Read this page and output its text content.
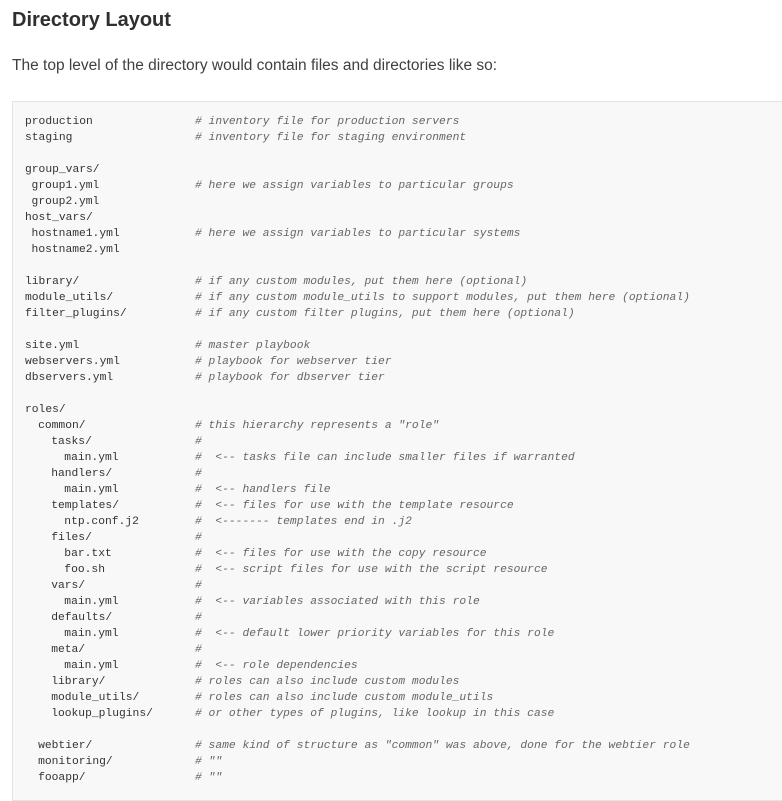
Directory Layout

The top level of the directory would contain files and directories like so:

production	# inventory file for production servers
staging	# inventory file for staging environment
group_vars/
group1.yml	# here we assign variables to particular groups
group2.yml
host_vars/
hostname1.yml	# here we assign variables to particular systems
hostname2.yml
library/	# if any custom modules, put them here (optional)
module_utils/	# if any custom module_utils to support modules, put them here (optional)
filter_plugins/	# if any custom filter plugins, put them here (optional)
site.yml	# master playbook
webservers.yml	# playbook for webserver tier
dbservers.yml	# playbook for dbserver tier
roles/
common/	# this hierarchy represents a "role"
tasks/	#
main.yml	#  <-- tasks file can include smaller files if warranted
handlers/	#
main.yml	#  <-- handlers file
templates/	#  <-- files for use with the template resource
ntp.conf.j2	#  <------- templates end in .j2
files/	#
bar.txt	#  <-- files for use with the copy resource
foo.sh	#  <-- script files for use with the script resource
vars/	#
main.yml	#  <-- variables associated with this role
defaults/	#
main.yml	#  <-- default lower priority variables for this role
meta/	#
main.yml	#  <-- role dependencies
library/	# roles can also include custom modules
module_utils/	# roles can also include custom module_utils
lookup_plugins/	# or other types of plugins, like lookup in this case
webtier/	# same kind of structure as "common" was above, done for the webtier role
monitoring/	# ""
fooapp/	# ""
